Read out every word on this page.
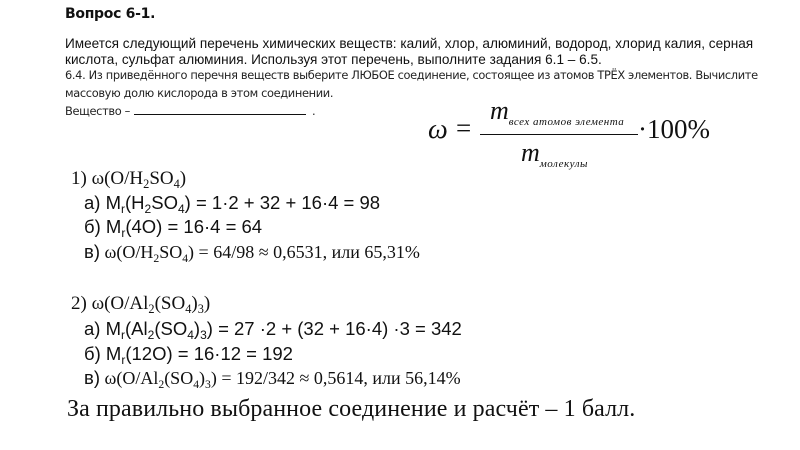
Вопрос 6-1.
Имеется следующий перечень химических веществ: калий, хлор, алюминий, водород, хлорид калия, серная
кислота, сульфат алюминия. Используя этот перечень, выполните задания 6.1 – 6.5.
6.4. Из приведённого перечня веществ выберите ЛЮБОЕ соединение, состоящее из атомов ТРЁХ элементов. Вычислите
массовую долю кислорода в этом соединении.
Вещество –	.
ω =
$m_{всех атомов элемента}$
$m_{молекулы}$
·100%
1) $\omega(O/H_2SO_4)$
а) $M_r(H_2SO_4) = 1\cdot 2 + 32 + 16\cdot 4 = 98$
б) $M_r(4O) = 16\cdot 4 = 64$
в) $\omega(O/H_2SO_4) = 64/98 \approx 0,6531$, или 65,31%
2) $\omega(O/Al_2(SO_4)_3)$
а) $M_r(Al_2(SO_4)_3) = 27 \cdot 2 + (32 + 16\cdot 4) \cdot 3 = 342$
б) $M_r(12O) = 16\cdot 12 = 192$
в) $\omega(O/Al_2(SO_4)_3) = 192/342 \approx 0,5614$, или 56,14%
За правильно выбранное соединение и расчёт – 1 балл.
